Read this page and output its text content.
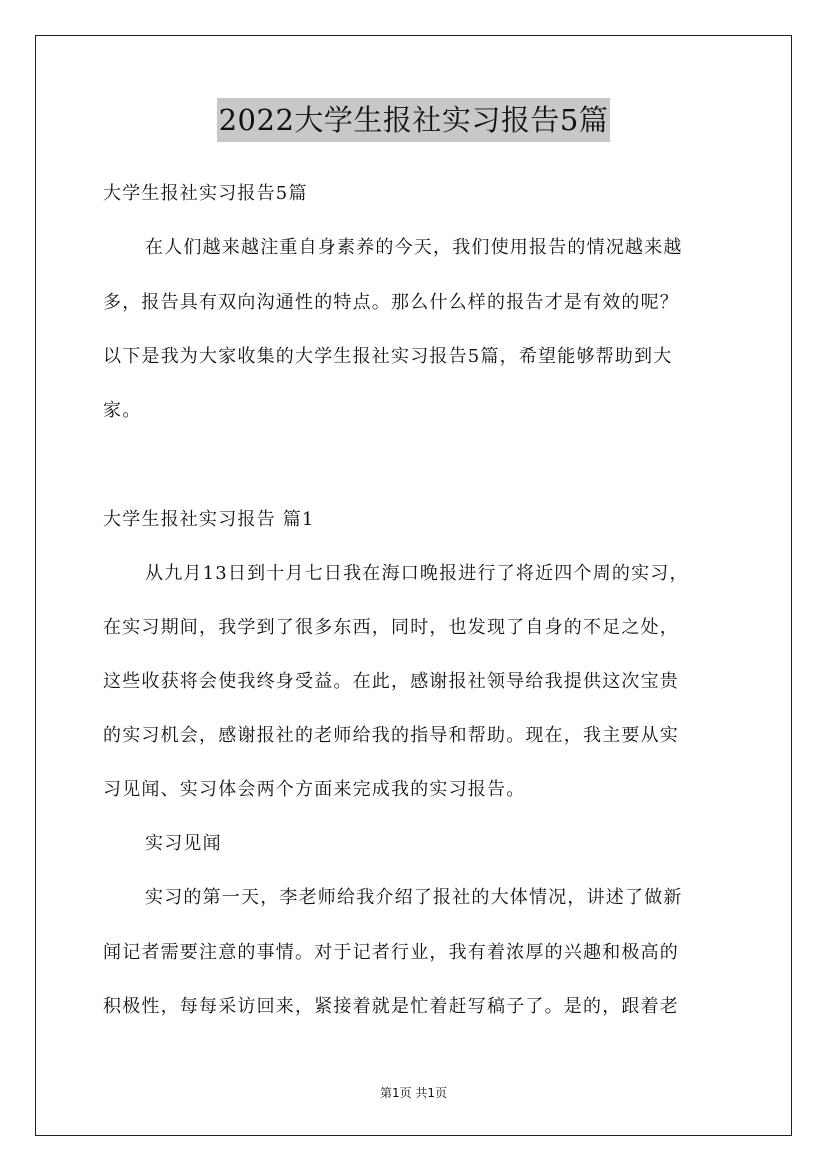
2022大学生报社实习报告5篇
大学生报社实习报告5篇
在人们越来越注重自身素养的今天，我们使用报告的情况越来越
多，报告具有双向沟通性的特点。那么什么样的报告才是有效的呢？
以下是我为大家收集的大学生报社实习报告5篇，希望能够帮助到大
家。
大学生报社实习报告 篇1
从九月13日到十月七日我在海口晚报进行了将近四个周的实习，
在实习期间，我学到了很多东西，同时，也发现了自身的不足之处，
这些收获将会使我终身受益。在此，感谢报社领导给我提供这次宝贵
的实习机会，感谢报社的老师给我的指导和帮助。现在，我主要从实
习见闻、实习体会两个方面来完成我的实习报告。
实习见闻
实习的第一天，李老师给我介绍了报社的大体情况，讲述了做新
闻记者需要注意的事情。对于记者行业，我有着浓厚的兴趣和极高的
积极性，每每采访回来，紧接着就是忙着赶写稿子了。是的，跟着老
第1页 共1页
